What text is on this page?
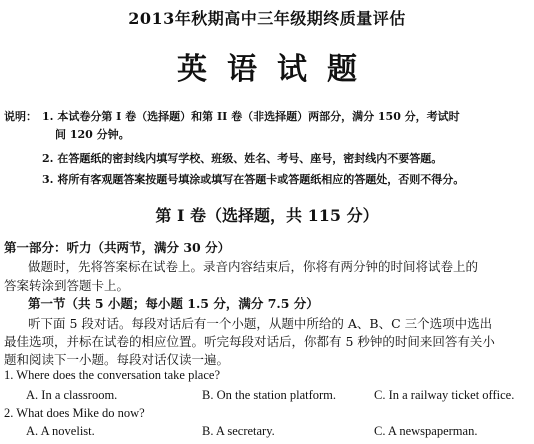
2013年秋期高中三年级期终质量评估
英语试题
说明： 1. 本试卷分第 I 卷（选择题）和第 II 卷（非选择题）两部分，满分 150 分，考试时
间 120 分钟。
2. 在答题纸的密封线内填写学校、班级、姓名、考号、座号，密封线内不要答题。
3. 将所有客观题答案按题号填涂或填写在答题卡或答题纸相应的答题处，否则不得分。
第 I 卷（选择题，共 115 分）
第一部分：听力（共两节，满分 30 分）
做题时，先将答案标在试卷上。录音内容结束后，你将有两分钟的时间将试卷上的
答案转涂到答题卡上。
第一节（共 5 小题；每小题 1.5 分，满分 7.5 分）
听下面 5 段对话。每段对话后有一个小题，从题中所给的 A、B、C 三个选项中选出
最佳选项，并标在试卷的相应位置。听完每段对话后，你都有 5 秒钟的时间来回答有关小
题和阅读下一小题。每段对话仅读一遍。
1. Where does the conversation take place?
A. In a classroom.	B. On the station platform.	C. In a railway ticket office.
2. What does Mike do now?
A. A novelist.	B. A secretary.	C. A newspaperman.
